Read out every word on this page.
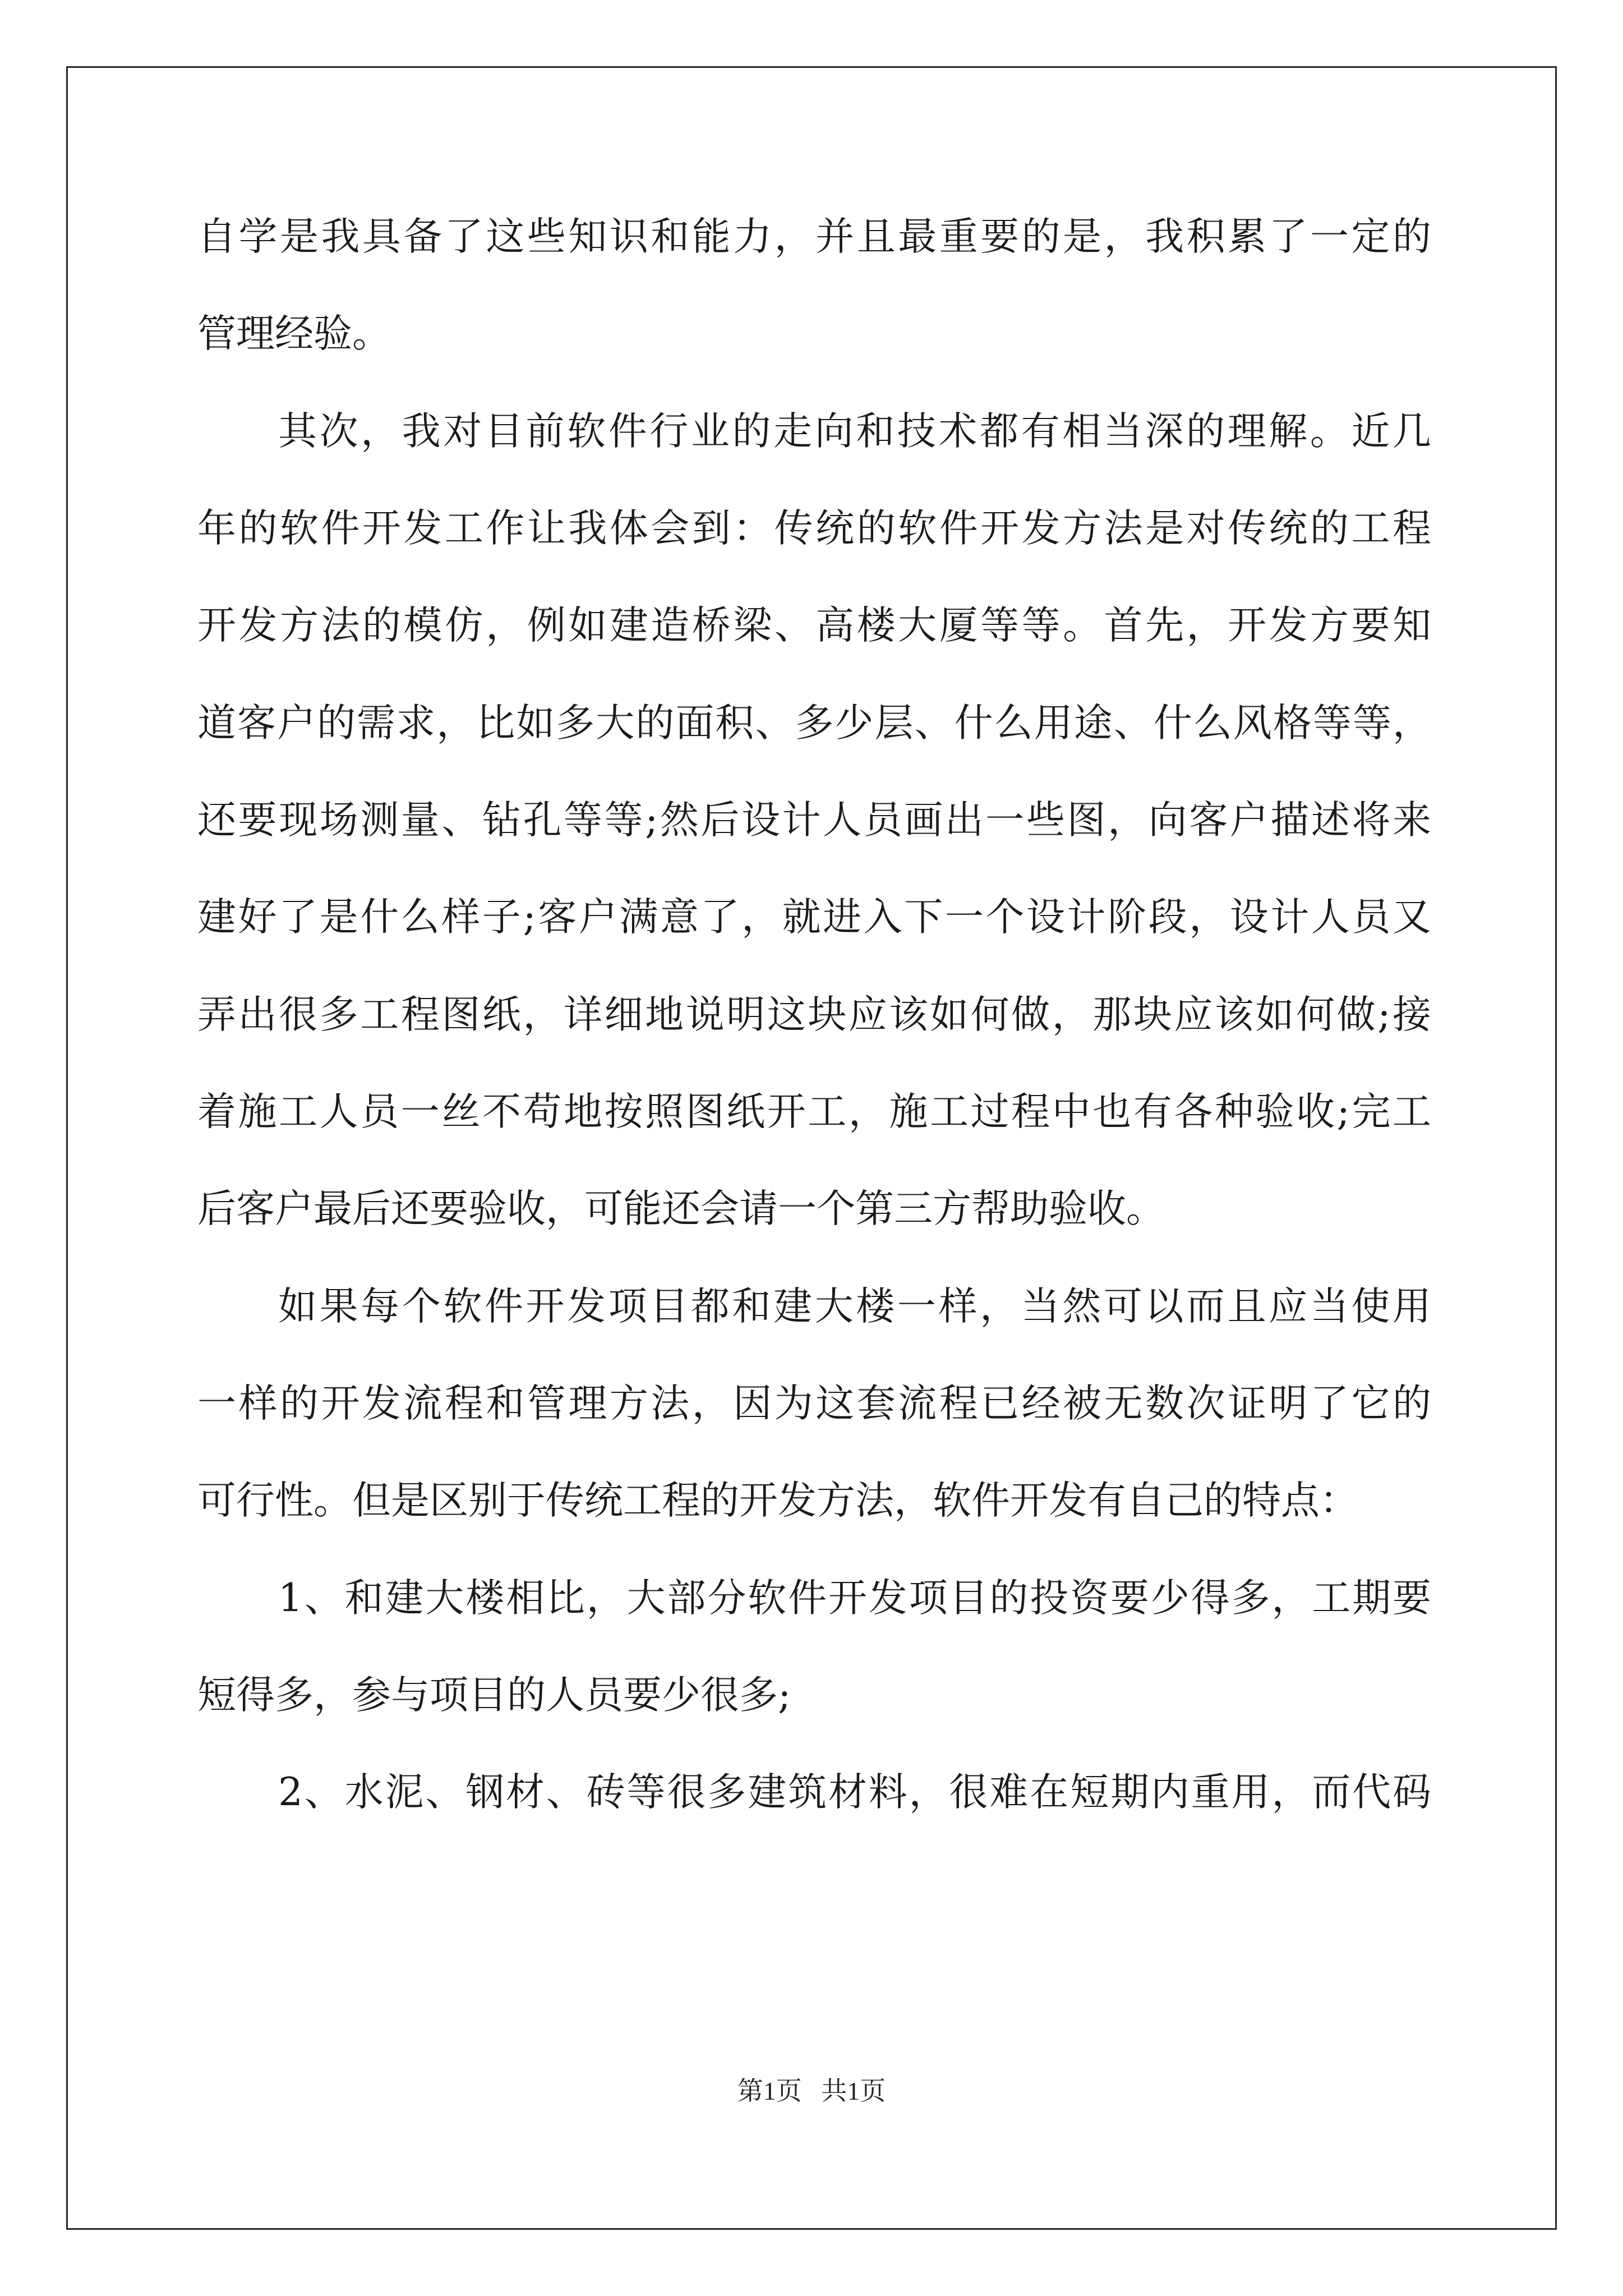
自学是我具备了这些知识和能力，并且最重要的是，我积累了一定的
管理经验。
其次，我对目前软件行业的走向和技术都有相当深的理解。近几
年的软件开发工作让我体会到：传统的软件开发方法是对传统的工程
开发方法的模仿，例如建造桥梁、高楼大厦等等。首先，开发方要知
道客户的需求，比如多大的面积、多少层、什么用途、什么风格等等，
还要现场测量、钻孔等等;然后设计人员画出一些图，向客户描述将来
建好了是什么样子;客户满意了，就进入下一个设计阶段，设计人员又
弄出很多工程图纸，详细地说明这块应该如何做，那块应该如何做;接
着施工人员一丝不苟地按照图纸开工，施工过程中也有各种验收;完工
后客户最后还要验收，可能还会请一个第三方帮助验收。
如果每个软件开发项目都和建大楼一样，当然可以而且应当使用
一样的开发流程和管理方法，因为这套流程已经被无数次证明了它的
可行性。但是区别于传统工程的开发方法，软件开发有自己的特点：
1、和建大楼相比，大部分软件开发项目的投资要少得多，工期要
短得多，参与项目的人员要少很多;
2、水泥、钢材、砖等很多建筑材料，很难在短期内重用，而代码
第1页   共1页
